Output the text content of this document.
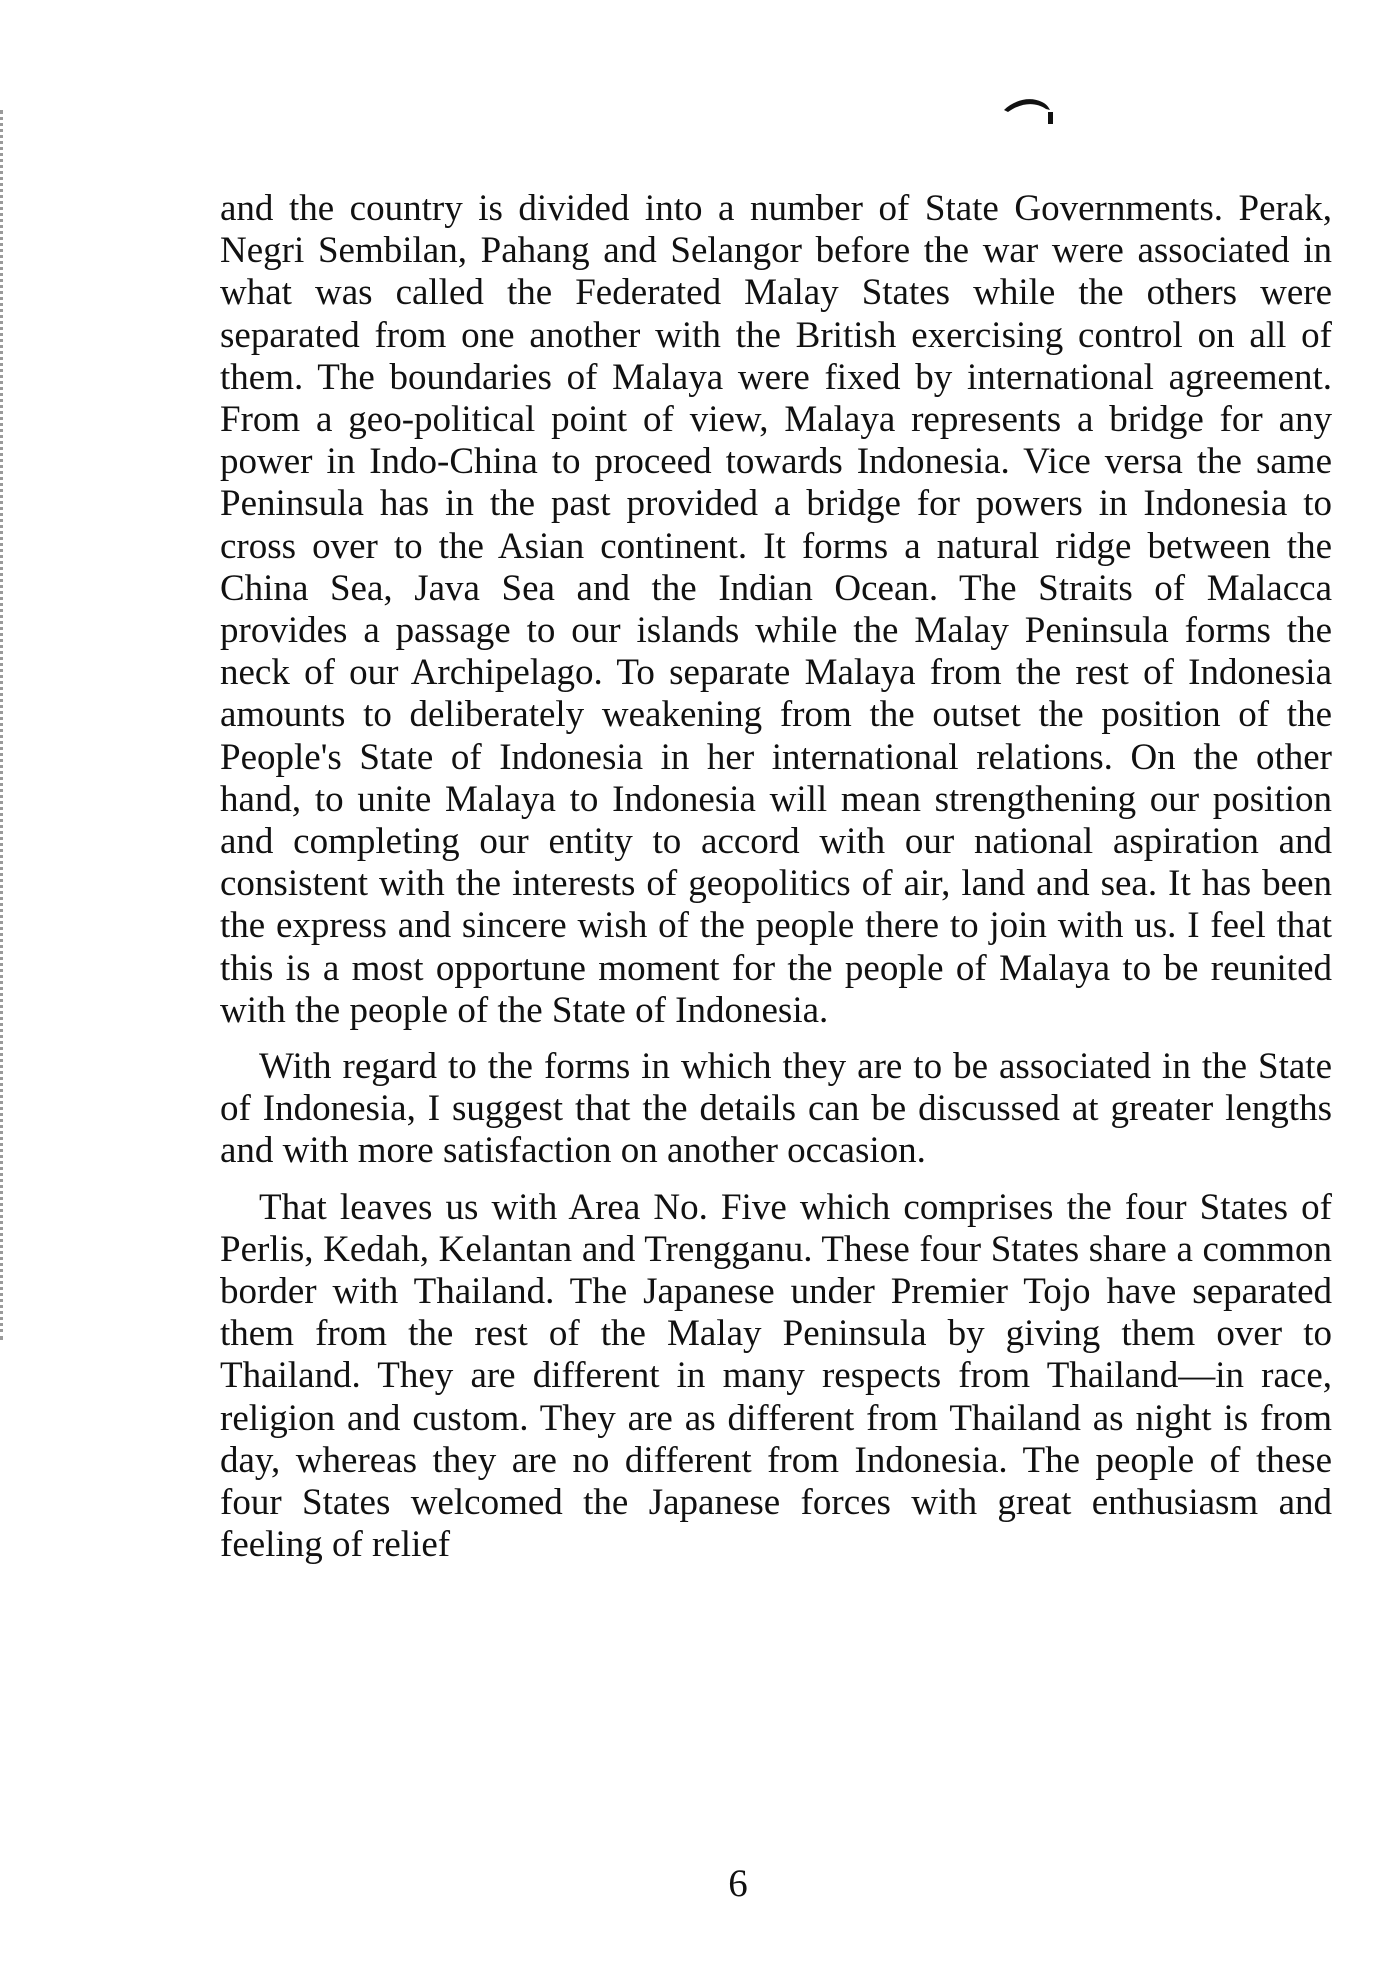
and the country is divided into a number of State Governments. Perak, Negri Sembilan, Pahang and Selangor before the war were associated in what was called the Federated Malay States while the others were separated from one another with the British exercising control on all of them. The boundaries of Malaya were fixed by international agreement. From a geo-political point of view, Malaya represents a bridge for any power in Indo-China to proceed towards Indonesia. Vice versa the same Peninsula has in the past provided a bridge for powers in Indonesia to cross over to the Asian continent. It forms a natural ridge between the China Sea, Java Sea and the Indian Ocean. The Straits of Malacca provides a passage to our islands while the Malay Peninsula forms the neck of our Archipelago. To separate Malaya from the rest of Indonesia amounts to deliberately weakening from the outset the position of the People's State of Indonesia in her international relations. On the other hand, to unite Malaya to Indonesia will mean strengthening our position and completing our entity to accord with our national aspiration and consistent with the interests of geopolitics of air, land and sea. It has been the express and sincere wish of the people there to join with us. I feel that this is a most opportune moment for the people of Malaya to be reunited with the people of the State of Indonesia.

With regard to the forms in which they are to be associated in the State of Indonesia, I suggest that the details can be discussed at greater lengths and with more satisfaction on another occasion.

That leaves us with Area No. Five which comprises the four States of Perlis, Kedah, Kelantan and Trengganu. These four States share a common border with Thailand. The Japanese under Premier Tojo have separated them from the rest of the Malay Peninsula by giving them over to Thailand. They are different in many respects from Thailand—in race, religion and custom. They are as different from Thailand as night is from day, whereas they are no different from Indonesia. The people of these four States welcomed the Japanese forces with great enthusiasm and feeling of relief

6
